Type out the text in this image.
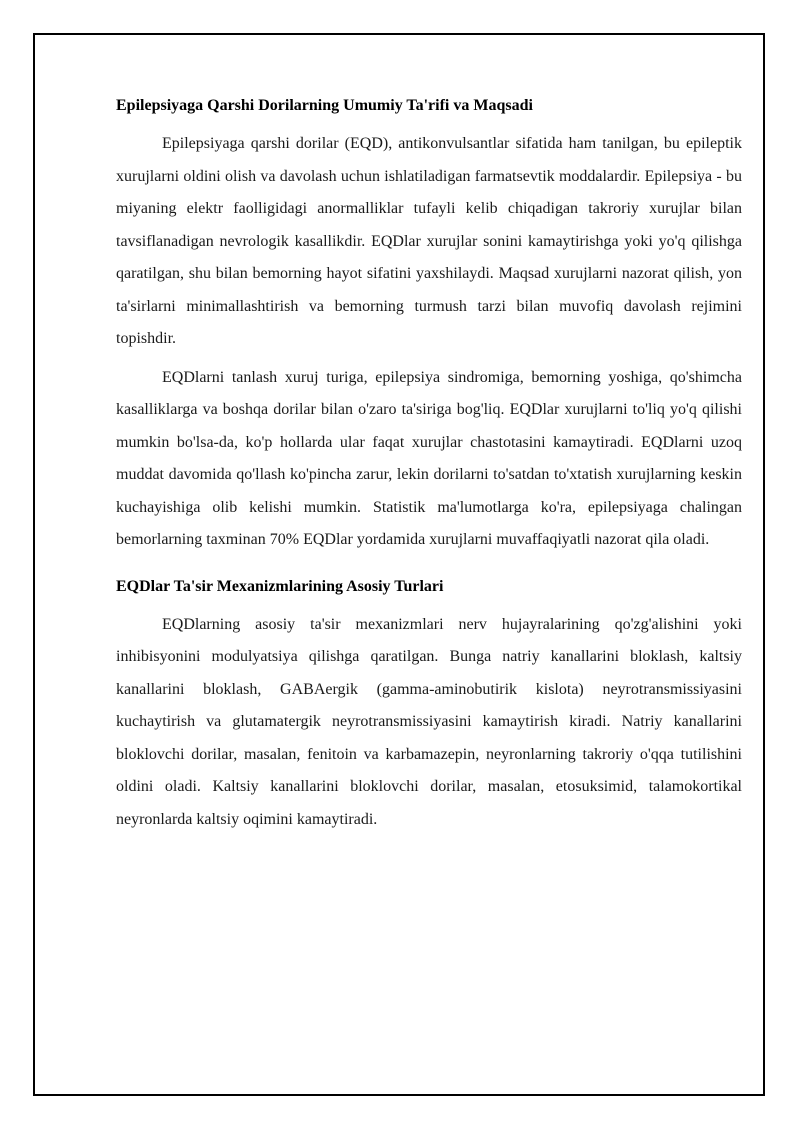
Epilepsiyaga Qarshi Dorilarning Umumiy Ta'rifi va Maqsadi

Epilepsiyaga qarshi dorilar (EQD), antikonvulsantlar sifatida ham tanilgan, bu epileptik xurujlarni oldini olish va davolash uchun ishlatiladigan farmatsevtik moddalardir. Epilepsiya - bu miyaning elektr faolligidagi anormalliklar tufayli kelib chiqadigan takroriy xurujlar bilan tavsiflanadigan nevrologik kasallikdir. EQDlar xurujlar sonini kamaytirishga yoki yo'q qilishga qaratilgan, shu bilan bemorning hayot sifatini yaxshilaydi. Maqsad xurujlarni nazorat qilish, yon ta'sirlarni minimallashtirish va bemorning turmush tarzi bilan muvofiq davolash rejimini topishdir.

EQDlarni tanlash xuruj turiga, epilepsiya sindromiga, bemorning yoshiga, qo'shimcha kasalliklarga va boshqa dorilar bilan o'zaro ta'siriga bog'liq. EQDlar xurujlarni to'liq yo'q qilishi mumkin bo'lsa-da, ko'p hollarda ular faqat xurujlar chastotasini kamaytiradi. EQDlarni uzoq muddat davomida qo'llash ko'pincha zarur, lekin dorilarni to'satdan to'xtatish xurujlarning keskin kuchayishiga olib kelishi mumkin. Statistik ma'lumotlarga ko'ra, epilepsiyaga chalingan bemorlarning taxminan 70% EQDlar yordamida xurujlarni muvaffaqiyatli nazorat qila oladi.

EQDlar Ta'sir Mexanizmlarining Asosiy Turlari

EQDlarning asosiy ta'sir mexanizmlari nerv hujayralarining qo'zg'alishini yoki inhibisyonini modulyatsiya qilishga qaratilgan. Bunga natriy kanallarini bloklash, kaltsiy kanallarini bloklash, GABAergik (gamma-aminobutirik kislota) neyrotransmissiyasini kuchaytirish va glutamatergik neyrotransmissiyasini kamaytirish kiradi. Natriy kanallarini bloklovchi dorilar, masalan, fenitoin va karbamazepin, neyronlarning takroriy o'qqa tutilishini oldini oladi. Kaltsiy kanallarini bloklovchi dorilar, masalan, etosuksimid, talamokortikal neyronlarda kaltsiy oqimini kamaytiradi.
